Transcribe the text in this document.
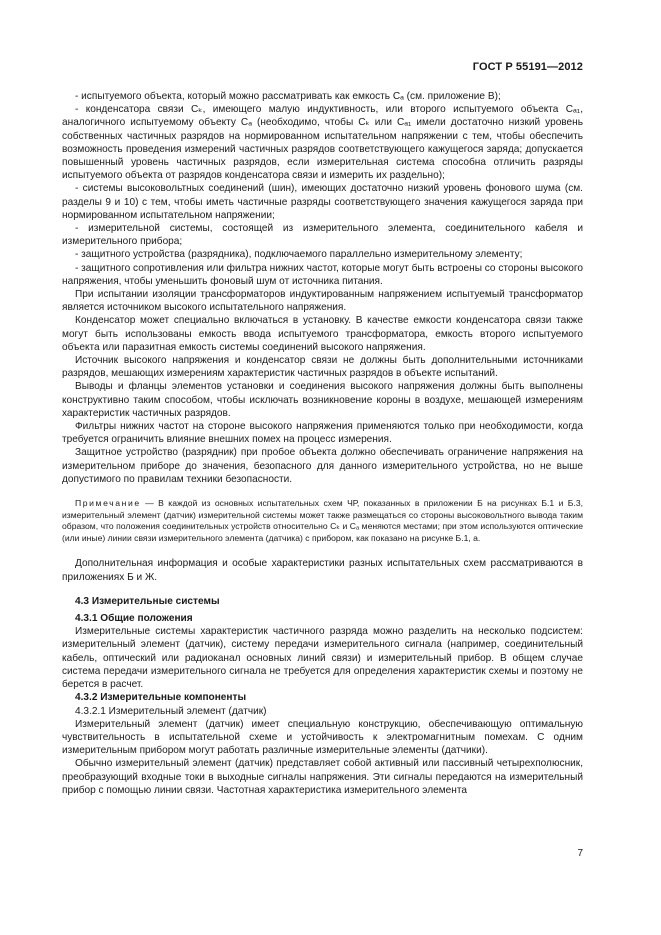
ГОСТ Р 55191—2012

- испытуемого объекта, который можно рассматривать как емкость Cₐ (см. приложение В);

- конденсатора связи Cₖ, имеющего малую индуктивность, или второго испытуемого объекта Cₐ₁, аналогичного испытуемому объекту Cₐ (необходимо, чтобы Cₖ или Cₐ₁ имели достаточно низкий уровень собственных частичных разрядов на нормированном испытательном напряжении с тем, чтобы обеспечить возможность проведения измерений частичных разрядов соответствующего кажущегося заряда; допускается повышенный уровень частичных разрядов, если измерительная система способна отличить разряды испытуемого объекта от разрядов конденсатора связи и измерить их раздельно);

- системы высоковольтных соединений (шин), имеющих достаточно низкий уровень фонового шума (см. разделы 9 и 10) с тем, чтобы иметь частичные разряды соответствующего значения кажущегося заряда при нормированном испытательном напряжении;

- измерительной системы, состоящей из измерительного элемента, соединительного кабеля и измерительного прибора;

- защитного устройства (разрядника), подключаемого параллельно измерительному элементу;

- защитного сопротивления или фильтра нижних частот, которые могут быть встроены со стороны высокого напряжения, чтобы уменьшить фоновый шум от источника питания.

При испытании изоляции трансформаторов индуктированным напряжением испытуемый трансформатор является источником высокого испытательного напряжения.

Конденсатор может специально включаться в установку. В качестве емкости конденсатора связи также могут быть использованы емкость ввода испытуемого трансформатора, емкость второго испытуемого объекта или паразитная емкость системы соединений высокого напряжения.

Источник высокого напряжения и конденсатор связи не должны быть дополнительными источниками разрядов, мешающих измерениям характеристик частичных разрядов в объекте испытаний.

Выводы и фланцы элементов установки и соединения высокого напряжения должны быть выполнены конструктивно таким способом, чтобы исключать возникновение короны в воздухе, мешающей измерениям характеристик частичных разрядов.

Фильтры нижних частот на стороне высокого напряжения применяются только при необходимости, когда требуется ограничить влияние внешних помех на процесс измерения.

Защитное устройство (разрядник) при пробое объекта должно обеспечивать ограничение напряжения на измерительном приборе до значения, безопасного для данного измерительного устройства, но не выше допустимого по правилам техники безопасности.

Примечание — В каждой из основных испытательных схем ЧР, показанных в приложении Б на рисунках Б.1 и Б.3, измерительный элемент (датчик) измерительной системы может также размещаться со стороны высоковольтного вывода таким образом, что положения соединительных устройств относительно Cₖ и Cₐ меняются местами; при этом используются оптические (или иные) линии связи измерительного элемента (датчика) с прибором, как показано на рисунке Б.1, а.

Дополнительная информация и особые характеристики разных испытательных схем рассматриваются в приложениях Б и Ж.

4.3 Измерительные системы

4.3.1 Общие положения

Измерительные системы характеристик частичного разряда можно разделить на несколько подсистем: измерительный элемент (датчик), систему передачи измерительного сигнала (например, соединительный кабель, оптический или радиоканал основных линий связи) и измерительный прибор. В общем случае система передачи измерительного сигнала не требуется для определения характеристик схемы и поэтому не берется в расчет.

4.3.2 Измерительные компоненты

4.3.2.1 Измерительный элемент (датчик)

Измерительный элемент (датчик) имеет специальную конструкцию, обеспечивающую оптимальную чувствительность в испытательной схеме и устойчивость к электромагнитным помехам. С одним измерительным прибором могут работать различные измерительные элементы (датчики).

Обычно измерительный элемент (датчик) представляет собой активный или пассивный четырехполюсник, преобразующий входные токи в выходные сигналы напряжения. Эти сигналы передаются на измерительный прибор с помощью линии связи. Частотная характеристика измерительного элемента

7
